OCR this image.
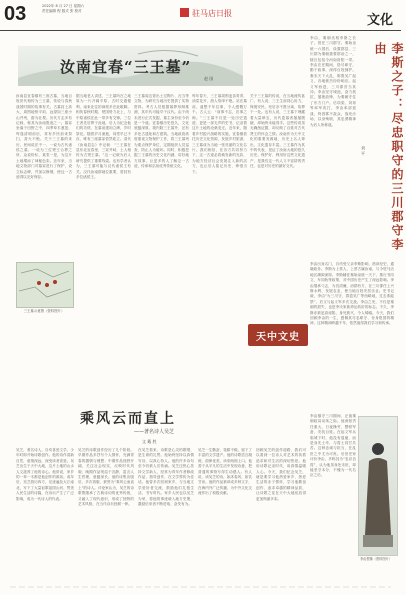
03	2022年 8 月 27 日 星期六
责任编辑 程 版式 张 校对	驻马店日报	文化
汝南宜春“三王墓”
赵 国
汝南县宜春镇有三座古墓，当地百姓世代相传为三王墓，传说与春秋战国时期的故事有关。古墓封土高大，周围地势平坦，远望如三座小山并列，蔚为壮观。历代方志多有记载，称其为汝南胜迹之一。墓冢坐落于田野之中，四季草木葱茏，每逢清明前后，常有乡民前来祭扫，香火不绝。关于三王墓的来历，民间说法不一，一说为古代诸侯之墓，一说为三位贤王合葬之所，众说纷纭，莫衷一是，为这片土地增添了神秘色彩。近年来，当地文物部门对墓冢进行了保护，设立标志碑，并加以修缮，使这一古迹得以完好保存。
三王墓示意图（资料图片）
据当地老人讲述，三王墓所在之地原为一片开阔平原，古时交通便利，南来北往的商旅多在此歇脚。相传春秋时期，楚国势力北上，与中原诸侯在此一带多有交锋。三位王者先后葬于此地，后人为纪念他们的功绩，在墓前建祠立碑，岁时祭祀。随着岁月流逝，祠堂早已不存，唯有三座墓冢依然屹立。清代《汝南县志》中记载：“三王墓在县东北宜春里，三冢并峙，土人相传为古贤王墓。”这一记载为后人研究提供了重要线索。也有学者认为，三王墓可能与汉代诸侯王有关。汉代汝南郡地位重要，曾封有多位诸侯王。
三王墓周边曾出土过陶片、瓦当等文物，为研究当地历史提供了实物资料。考古人员根据墓葬形制推测，其年代可能早于汉代。由于尚未进行正式发掘，墓主身份至今仍是一个谜。宜春镇历史悠久，文化底蕴深厚，境内除三王墓外，还有多处古遗址和古建筑。当地政府高度重视文物保护工作，将三王墓列为重点保护单位，定期组织人员巡查，防止人为破坏。同时，积极挖掘三王墓的历史文化内涵，讲好地方故事，让更多的人了解这一古迹，传承和弘扬优秀传统文化。
每年春天，三王墓周围麦苗青青，油菜花开，游人络绎不绝。站在墓前，遥想千年往事，令人感慨万千。古人云：“前事不忘，后事之师。”三王墓不仅是一处历史遗迹，更是一部无声的史书，记录着这片土地的沧桑变迁。近年来，随着乡村振兴战略的实施，宜春镇依托历史文化资源，发展乡村旅游，三王墓成为当地一张亮丽的文化名片。我们相信，在各方共同努力下，这一古迹必将焕发新的光彩，为地方经济社会发展注入新的活力，也让后人铭记历史、珍惜当下。
关于三王墓的传说，在当地流传甚广。有人说，三王生前同心协力，保境安民，死后亦不愿分离，故葬于一处。也有人说，三王墓下埋藏着大量珍宝，历代盗墓者屡屡觊觎，却始终未能得手。这些传说虽无确凿证据，却反映了百姓对古代贤王的怀念之情。汝南作为天中文化的重要发源地，历史上名人辈出，文化遗存丰富。三王墓作为其中的代表，见证了汝南大地的悠久历史。保护好、利用好这些文化遗产，是我们这一代人义不容辞的责任，也是对历史的最好交代。	李斯之子：尽忠职守的三川郡守李由
刘 平
李由，秦朝丞相李斯之长子，曾任三川郡守。秦始皇统一六国后，设置郡县，三川郡为秦朝重要郡治之一，辖区包括今河南洛阳一带。李由在任期间，恪尽职守，勤于政事，深得百姓拥护。秦末天下大乱，陈胜吴广起义，各地豪杰纷纷响应。起义军西进，三川郡首当其冲。李由坚守城池，奋力抵抗，屡挫敌锋，为秦朝守住了东方门户。后项梁、刘邦等率军攻打，李由率部迎战，终因寡不敌众，战死沙场，以身殉职，其忠勇精神为后人所称道。
李由出身名门，自幼受父亲李斯影响，熟读经史，通晓政务。李斯为上蔡人，上蔡古属汝南，与今驻马店地区渊源深厚。李斯辅佐秦始皇统一天下，推行书同文、车同轨等政策，对中国历史产生了深远影响。李由继承父志，为官清廉，治郡有方，在三川郡任上兴修水利，发展农业，使当地百姓安居乐业。史书记载，李由“为三川守，群盗吴广等西略地，过去弗能禁”，后又与起义军多次交战。李由之死，不仅是秦朝的损失，也是李氏家族命运转折的标志。不久，李斯亦被赵高诬陷，身死族灭，令人唏嘘。今天，我们回顾李由的一生，感佩其尽忠职守、舍身报国的精神，这种精神跨越千年，依然值得我们学习和传承。
李由镇守三川期间，正值秦朝政局动荡之际。他深知责任重大，日夜操劳，整顿军备，安抚百姓。在起义军兵临城下时，他没有退缩，而是身先士卒，与将士同甘共苦。这种忠诚与担当，在乱世之中尤为可贵。后世史家评价李由，多称其为“忠臣良将”，认为他虽身处末世，却能坚守本分，不愧为一代名臣之后。
李由塑像（资料图片）
天中文史
乘风云而直上
——著名诗人吴芝
文 戴 胜
吴芝，著名诗人，自幼喜爱文学，少年时即开始诗歌创作。他的诗作清新自然，意境深远，深受读者喜爱。吴芝出生于天中大地，这片土地的山水人文滋养了他的诗心。他常说，家乡的一草一木都是他创作的源泉。成年后，吴芝游历四方，足迹遍及大江南北，写下了大量讴歌祖国山河、赞美人民生活的诗篇，在诗坛产生了广泛影响，成为一代诗人的代表。
吴芝的诗歌创作经历了几个阶段。早期作品多抒写个人情怀，充满青春的激情与理想；中期作品视野开阔，关注社会现实，反映时代风貌；晚期作品则趋于沉静，富含人生哲理，意蕴深长。他的诗集出版后，多次再版，被誉为“乘风云而直上”的诗人。评论家认为，吴芝的诗歌既继承了古典诗词的优秀传统，又融入了现代意识，形成了独特的艺术风格，在当代诗坛独树一帜。
在吴芝看来，诗歌是心灵的歌唱，是生命的礼赞。他始终坚持以真情写诗，以真心待人。他的许多诗句至今仍被人们传诵。吴芝还热心扶持文学新人，经常为青年作者修改作品，指导创作，在文学界传为佳话。他曾多次回到家乡，与当地文学爱好者交流，鼓励他们扎根生活，书写时代。家乡人民也以吴芝为荣，将他的事迹载入地方史册，激励后来者不断进取，奋发有为。
吴芝一生勤奋，笔耕不辍，留下了丰富的文学遗产。他的诗歌语言凝练，韵律优美，读来朗朗上口。他善于从平凡的生活中发现诗意，把普通的事物写得生动感人。有人说，读吴芝的诗，如沐春风，如饮甘泉。他的作品被译成多种文字，在海内外广泛传播，为中外文化交流作出了积极贡献。
回顾吴芝的创作道路，我们可以看到一位诗人对艺术的执着追求和对生活的深切热爱。他用诗歌记录时代，用真情温暖人心。今天，我们纪念吴芝，就是要学习他热爱家乡、热爱生活的赤子情怀，学习他勤奋创作、追求卓越的精神品质，让诗歌之花在天中大地绽放得更加绚丽多彩。
